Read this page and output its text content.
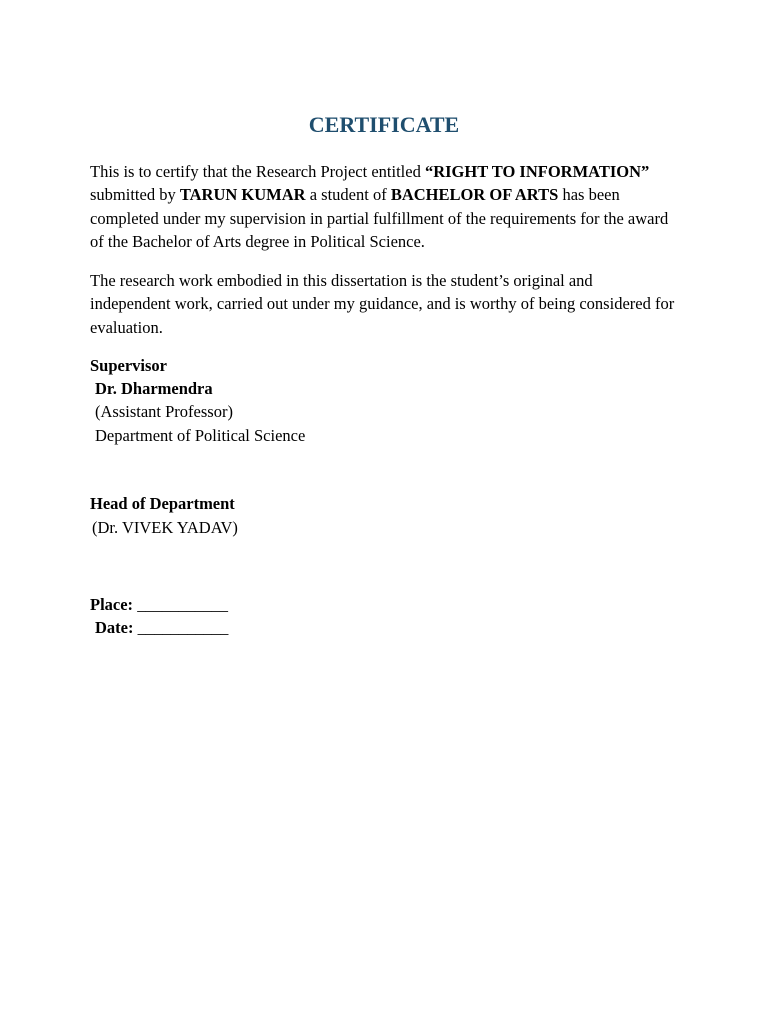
CERTIFICATE

This is to certify that the Research Project entitled “RIGHT TO INFORMATION” submitted by TARUN KUMAR a student of BACHELOR OF ARTS has been completed under my supervision in partial fulfillment of the requirements for the award of the Bachelor of Arts degree in Political Science.

The research work embodied in this dissertation is the student’s original and independent work, carried out under my guidance, and is worthy of being considered for evaluation.

Supervisor
Dr. Dharmendra
(Assistant Professor)
Department of Political Science
Head of Department
(Dr. VIVEK YADAV)
Place: ___________
Date: ___________
